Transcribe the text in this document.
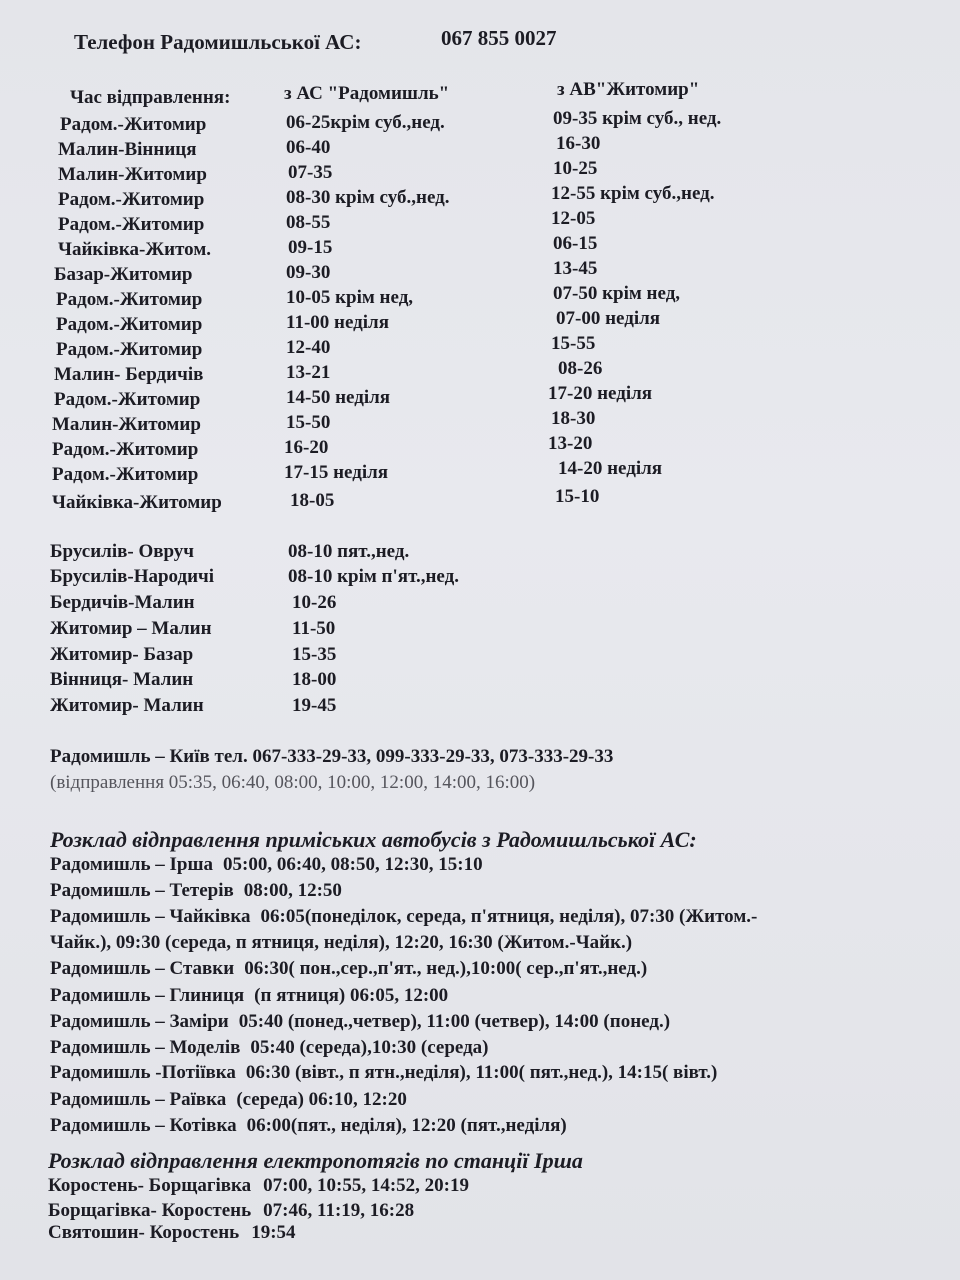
Телефон Радомишльської АС:	067 855 0027
Час відправлення:	з АС "Радомишль"	з АВ"Житомир"
Радом.-Житомир	06-25крім суб.,нед.	09-35 крім суб., нед.
Малин-Вінниця	06-40	16-30
Малин-Житомир	07-35	10-25
Радом.-Житомир	08-30 крім суб.,нед.	12-55 крім суб.,нед.
Радом.-Житомир	08-55	12-05
Чайківка-Житом.	09-15	06-15
Базар-Житомир	09-30	13-45
Радом.-Житомир	10-05 крім нед,	07-50 крім нед,
Радом.-Житомир	11-00 неділя	07-00 неділя
Радом.-Житомир	12-40	15-55
Малин- Бердичів	13-21	08-26
Радом.-Житомир	14-50 неділя	17-20 неділя
Малин-Житомир	15-50	18-30
Радом.-Житомир	16-20	13-20
Радом.-Житомир	17-15 неділя	14-20 неділя
Чайківка-Житомир	18-05	15-10
Брусилів- Овруч	08-10 пят.,нед.
Брусилів-Народичі	08-10 крім п'ят.,нед.
Бердичів-Малин	10-26
Житомир – Малин	11-50
Житомир- Базар	15-35
Вінниця- Малин	18-00
Житомир- Малин	19-45
Радомишль – Київ тел. 067-333-29-33, 099-333-29-33, 073-333-29-33
(відправлення 05:35, 06:40, 08:00, 10:00, 12:00, 14:00, 16:00)
Розклад відправлення приміських автобусів з Радомишльської АС:
Радомишль – Ірша 05:00, 06:40, 08:50, 12:30, 15:10
Радомишль – Тетерів 08:00, 12:50
Радомишль – Чайківка 06:05(понеділок, середа, п'ятниця, неділя), 07:30 (Житом.-
Чайк.), 09:30 (середа, п ятниця, неділя), 12:20, 16:30 (Житом.-Чайк.)
Радомишль – Ставки 06:30( пон.,сер.,п'ят., нед.),10:00( сер.,п'ят.,нед.)
Радомишль – Глиниця (п ятниця) 06:05, 12:00
Радомишль – Заміри 05:40 (понед.,четвер), 11:00 (четвер), 14:00 (понед.)
Радомишль – Моделів 05:40 (середа),10:30 (середа)
Радомишль -Потіївка 06:30 (вівт., п ятн.,неділя), 11:00( пят.,нед.), 14:15( вівт.)
Радомишль – Раївка (середа) 06:10, 12:20
Радомишль – Котівка 06:00(пят., неділя), 12:20 (пят.,неділя)
Розклад відправлення електропотягів по станції Ірша
Коростень- Борщагівка 07:00, 10:55, 14:52, 20:19
Борщагівка- Коростень 07:46, 11:19, 16:28
Святошин- Коростень 19:54
